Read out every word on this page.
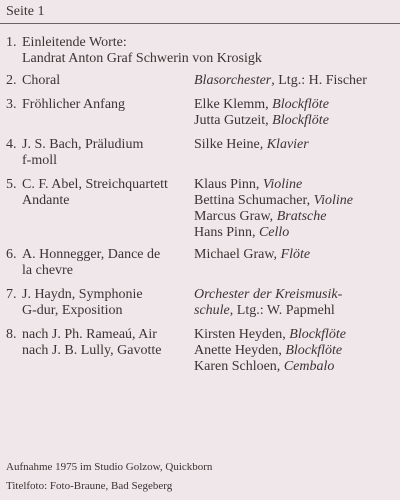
Seite 1
1. Einleitende Worte:
Landrat Anton Graf Schwerin von Krosigk
2. Choral	Blasorchester, Ltg.: H. Fischer
3. Fröhlicher Anfang	Elke Klemm, Blockflöte
Jutta Gutzeit, Blockflöte
4. J. S. Bach, Präludium
f-moll
Silke Heine, Klavier
5. C. F. Abel, Streichquartett
Andante
Klaus Pinn, Violine
Bettina Schumacher, Violine
Marcus Graw, Bratsche
Hans Pinn, Cello
6. A. Honnegger, Dance de
la chevre
Michael Graw, Flöte
7. J. Haydn, Symphonie
G-dur, Exposition
Orchester der Kreismusik-
schule, Ltg.: W. Papmehl
8. nach J. Ph. Rameaú, Air
nach J. B. Lully, Gavotte
Kirsten Heyden, Blockflöte
Anette Heyden, Blockflöte
Karen Schloen, Cembalo
Aufnahme 1975 im Studio Golzow, Quickborn
Titelfoto: Foto-Braune, Bad Segeberg
